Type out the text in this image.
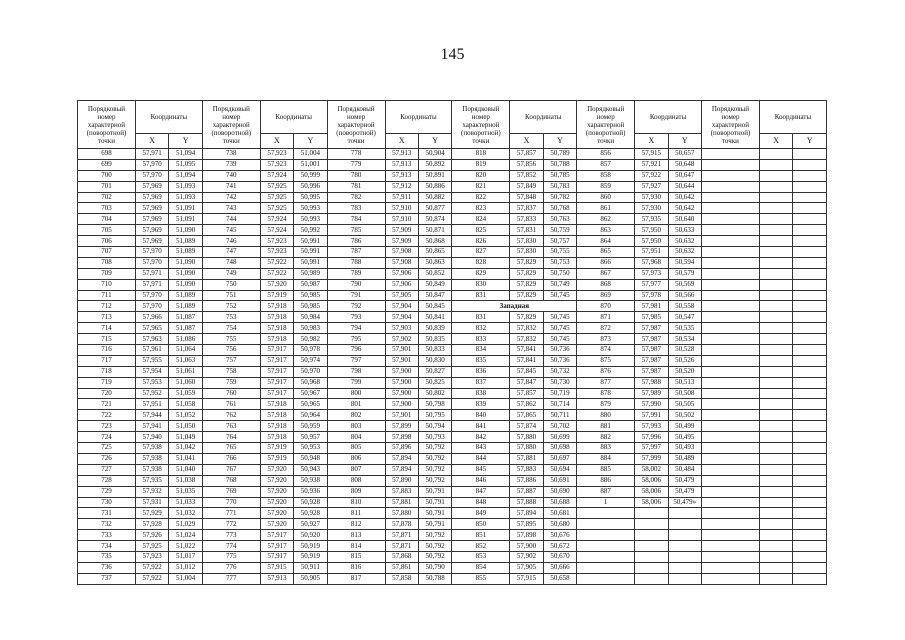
145
Порядковый номер характерной (поворотной) точки	Координаты		Порядковый номер характерной (поворотной) точки	Координаты		Порядковый номер характерной (поворотной) точки	Координаты		Порядковый номер характерной (поворотной) точки	Координаты		Порядковый номер характерной (поворотной) точки	Координаты		Порядковый номер характерной (поворотной) точки	Координаты	
	X	Y		X	Y		X	Y		X	Y		X	Y		X	Y
698	57,971	51,094	738	57,923	51,004	778	57,913	50,904	818	57,857	50,789	856	57,915	50,657			
699	57,970	51,095	739	57,923	51,001	779	57,913	50,892	819	57,856	50,788	857	57,921	50,648			
700	57,970	51,094	740	57,924	50,999	780	57,913	50,891	820	57,852	50,785	858	57,922	50,647			
701	57,969	51,093	741	57,925	50,996	781	57,912	50,886	821	57,849	50,783	859	57,927	50,644			
702	57,969	51,093	742	57,925	50,995	782	57,911	50,882	822	57,848	50,782	860	57,930	50,642			
703	57,969	51,091	743	57,925	50,993	783	57,910	50,877	823	57,837	50,768	861	57,930	50,642			
704	57,969	51,091	744	57,924	50,993	784	57,910	50,874	824	57,833	50,763	862	57,935	50,640			
705	57,969	51,090	745	57,924	50,992	785	57,909	50,871	825	57,831	50,759	863	57,950	50,633			
706	57,969	51,089	746	57,923	50,991	786	57,909	50,868	826	57,830	50,757	864	57,950	50,632			
707	57,970	51,089	747	57,923	50,991	787	57,908	50,865	827	57,830	50,755	865	57,951	50,632			
708	57,970	51,090	748	57,922	50,991	788	57,908	50,863	828	57,829	50,753	866	57,968	50,594			
709	57,971	51,090	749	57,922	50,989	789	57,906	50,852	829	57,829	50,750	867	57,973	50,579			
710	57,971	51,090	750	57,920	50,987	790	57,906	50,849	830	57,829	50,749	868	57,977	50,569			
711	57,970	51,089	751	57,919	50,985	791	57,905	50,847	831	57,829	50,745	869	57,978	50,566			
712	57,970	51,089	752	57,918	50,985	792	57,904	50,845	Западная			870	57,981	50,558			
713	57,966	51,087	753	57,918	50,984	793	57,904	50,841	831	57,829	50,745	871	57,985	50,547			
714	57,965	51,087	754	57,918	50,983	794	57,903	50,839	832	57,832	50,745	872	57,987	50,535			
715	57,963	51,086	755	57,918	50,982	795	57,902	50,835	833	57,832	50,745	873	57,987	50,534			
716	57,961	51,064	756	57,917	50,978	796	57,901	50,833	834	57,841	50,736	874	57,987	50,528			
717	57,955	51,063	757	57,917	50,974	797	57,901	50,830	835	57,841	50,736	875	57,987	50,526			
718	57,954	51,061	758	57,917	50,970	798	57,900	50,827	836	57,845	50,732	876	57,987	50,520			
719	57,953	51,060	759	57,917	50,968	799	57,900	50,825	837	57,847	50,730	877	57,988	50,513			
720	57,952	51,059	760	57,917	50,967	800	57,900	50,802	838	57,857	50,719	878	57,989	50,508			
721	57,951	51,058	761	57,918	50,965	801	57,900	50,798	839	57,862	50,714	879	57,990	50,505			
722	57,944	51,052	762	57,918	50,964	802	57,901	50,795	840	57,865	50,711	880	57,991	50,502			
723	57,941	51,050	763	57,918	50,959	803	57,899	50,794	841	57,874	50,702	881	57,993	50,499			
724	57,940	51,049	764	57,918	50,957	804	57,898	50,793	842	57,880	50,699	882	57,996	50,495			
725	57,938	51,042	765	57,919	50,953	805	57,896	50,792	843	57,880	50,698	883	57,997	50,493			
726	57,938	51,041	766	57,919	50,948	806	57,894	50,792	844	57,881	50,697	884	57,999	50,489			
727	57,938	51,040	767	57,920	50,943	807	57,894	50,792	845	57,883	50,694	885	58,002	50,484			
728	57,935	51,038	768	57,920	50,938	808	57,890	50,792	846	57,886	50,691	886	58,006	50,479			
729	57,932	51,035	769	57,920	50,936	809	57,883	50,791	847	57,887	50,690	887	58,006	50,479			
730	57,931	51,033	770	57,920	50,928	810	57,881	50,791	848	57,888	50,688	1	58,006	50,479»			
731	57,929	51,032	771	57,920	50,928	811	57,880	50,791	849	57,894	50,681						
732	57,928	51,029	772	57,920	50,927	812	57,878	50,791	850	57,895	50,680						
733	57,926	51,024	773	57,917	50,920	813	57,871	50,792	851	57,898	50,676						
734	57,925	51,022	774	57,917	50,919	814	57,871	50,792	852	57,900	50,672						
735	57,923	51,017	775	57,917	50,919	815	57,868	50,792	853	57,902	50,670						
736	57,922	51,012	776	57,915	50,911	816	57,861	50,790	854	57,905	50,666						
737	57,922	51,004	777	57,913	50,905	817	57,858	50,788	855	57,915	50,658						
